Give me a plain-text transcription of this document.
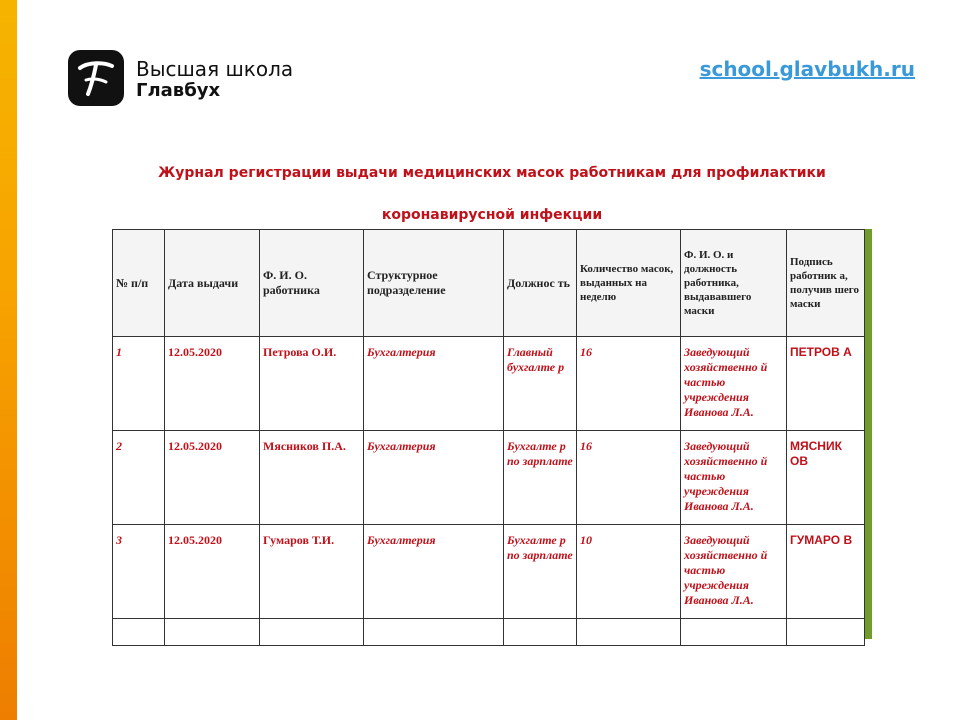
Высшая школа
Главбух
school.glavbukh.ru
Журнал регистрации выдачи медицинских масок работникам для профилактики
коронавирусной инфекции
№ п/п	Дата выдачи	Ф. И. О. работника	Структурное подразделение	Должнос ть	Количество масок, выданных на неделю	Ф. И. О. и должность работника, выдававшего маски	Подпись работник а, получив шего маски
1	12.05.2020	Петрова О.И.	Бухгалтерия	Главный бухгалте р	16	Заведующий хозяйственно й частью учреждения Иванова Л.А.	ПЕТРОВ А
2	12.05.2020	Мясников П.А.	Бухгалтерия	Бухгалте р по зарплате	16	Заведующий хозяйственно й частью учреждения Иванова Л.А.	МЯСНИК ОВ
3	12.05.2020	Гумаров Т.И.	Бухгалтерия	Бухгалте р по зарплате	10	Заведующий хозяйственно й частью учреждения Иванова Л.А.	ГУМАРО В
